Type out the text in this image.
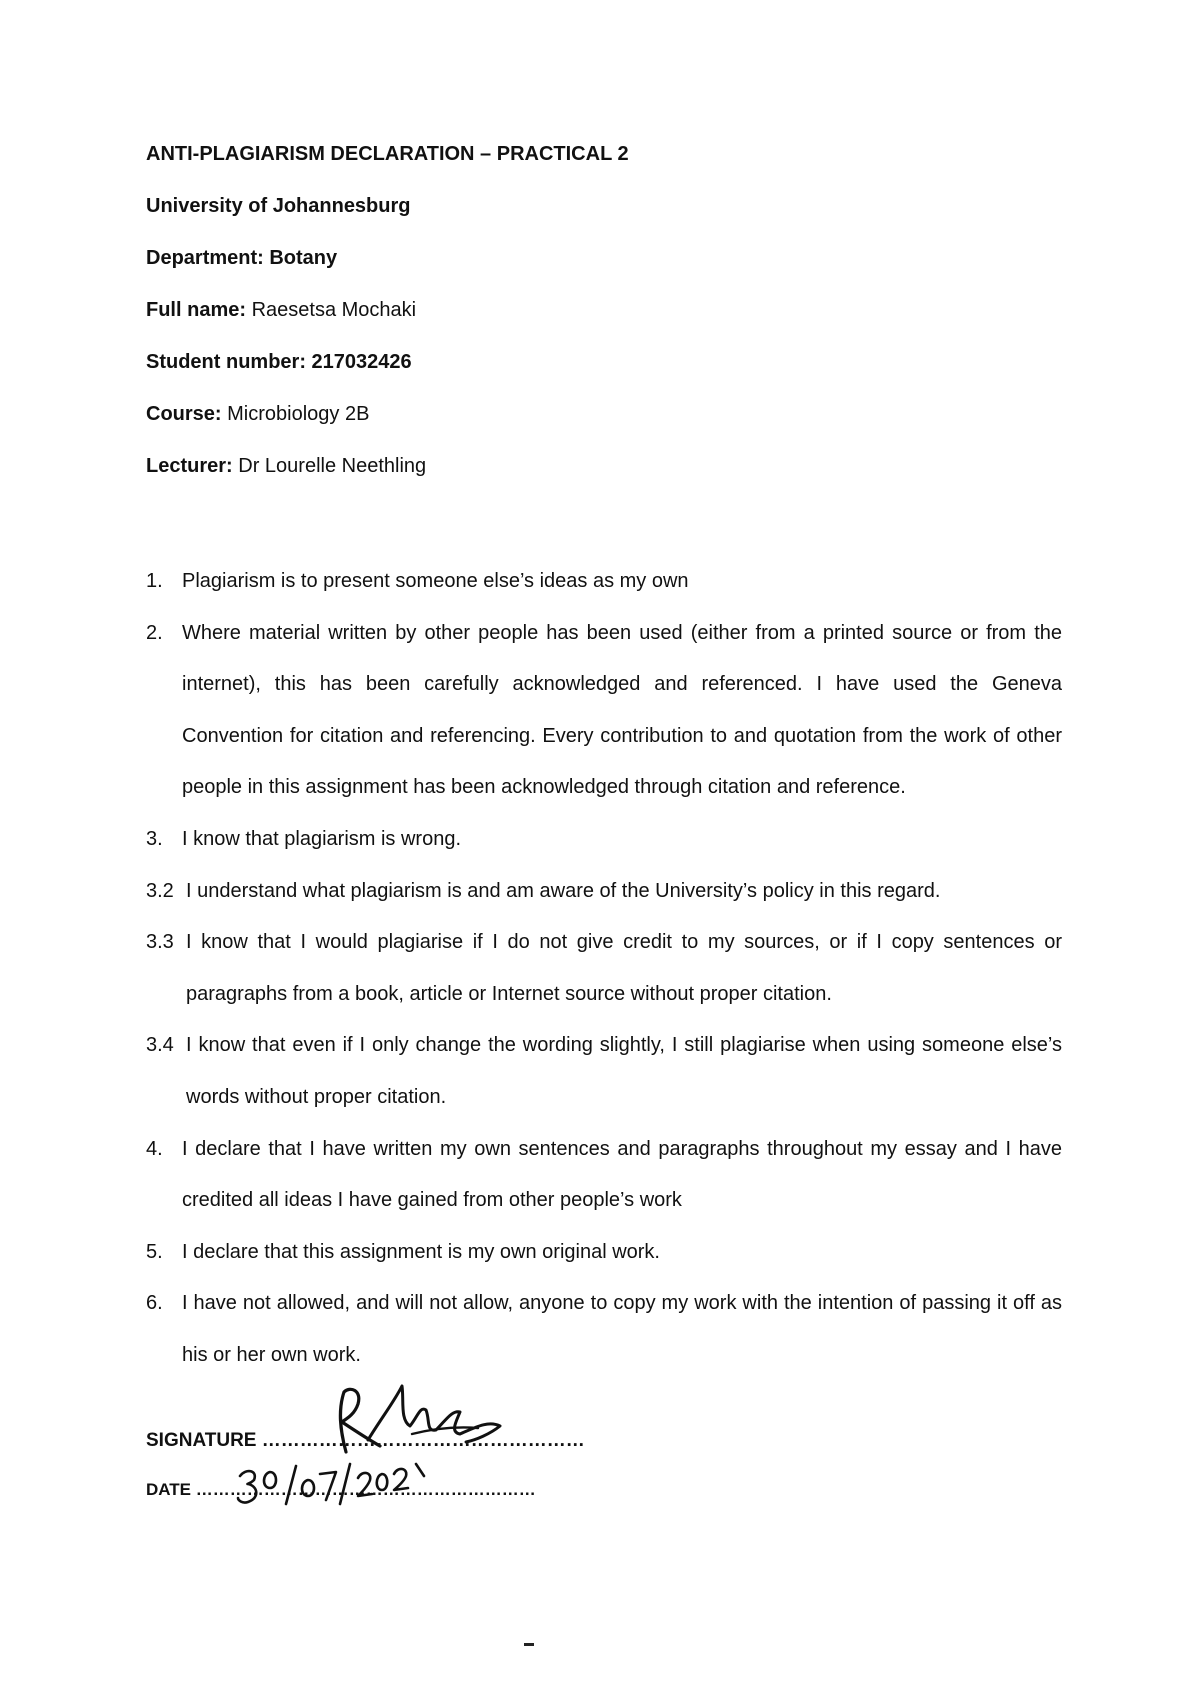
ANTI-PLAGIARISM DECLARATION – PRACTICAL 2
University of Johannesburg
Department: Botany
Full name: Raesetsa Mochaki
Student number: 217032426
Course: Microbiology 2B
Lecturer: Dr Lourelle Neethling
1. Plagiarism is to present someone else’s ideas as my own
2. Where material written by other people has been used (either from a printed source or from the internet), this has been carefully acknowledged and referenced. I have used the Geneva Convention for citation and referencing. Every contribution to and quotation from the work of other people in this assignment has been acknowledged through citation and reference.
3. I know that plagiarism is wrong.
3.2 I understand what plagiarism is and am aware of the University’s policy in this regard.
3.3 I know that I would plagiarise if I do not give credit to my sources, or if I copy sentences or paragraphs from a book, article or Internet source without proper citation.
3.4 I know that even if I only change the wording slightly, I still plagiarise when using someone else’s words without proper citation.
4. I declare that I have written my own sentences and paragraphs throughout my essay and I have credited all ideas I have gained from other people’s work
5. I declare that this assignment is my own original work.
6. I have not allowed, and will not allow, anyone to copy my work with the intention of passing it off as his or her own work.
SIGNATURE ……………………………………………
DATE ……………………………………………………
